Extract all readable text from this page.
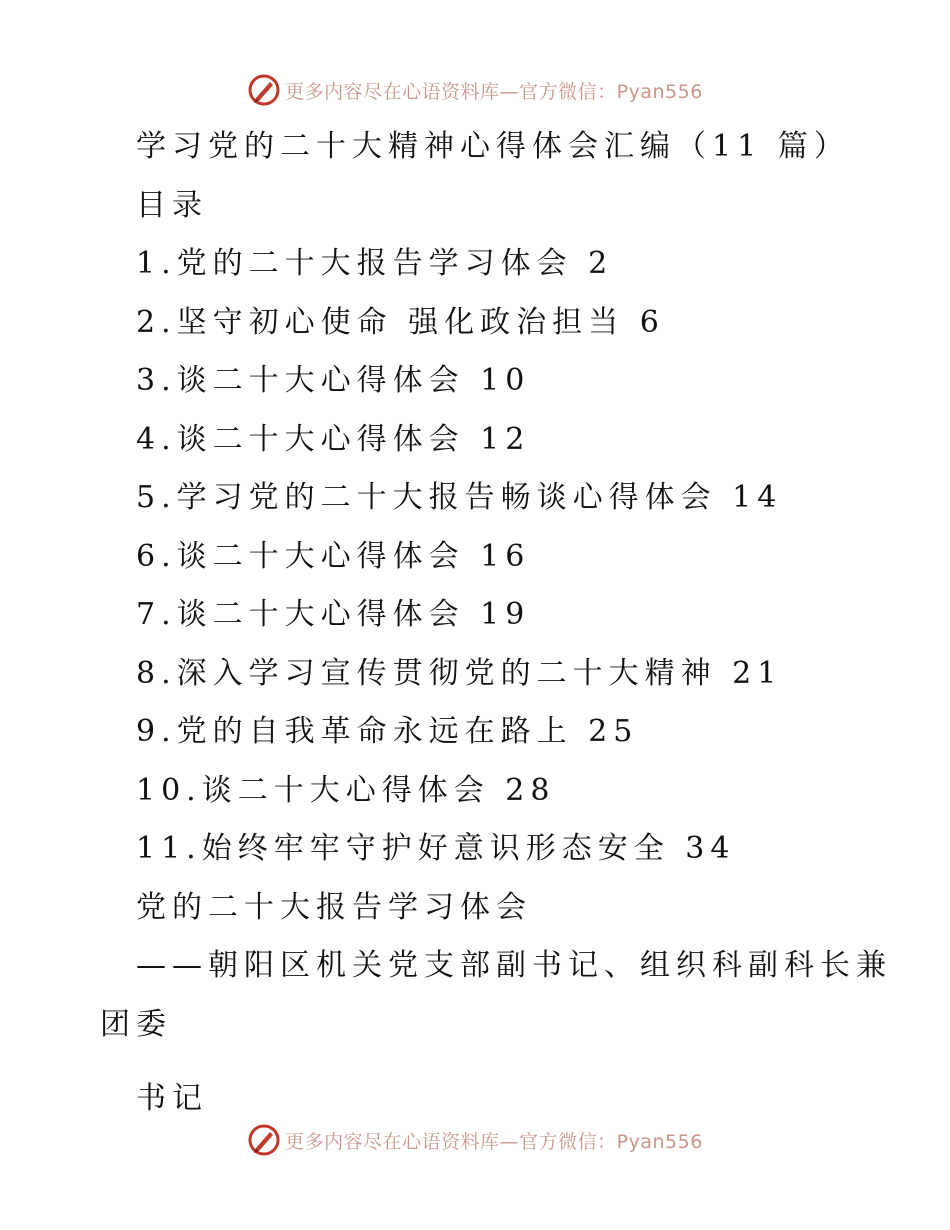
更多内容尽在心语资料库—官方微信：Pyan556
学习党的二十大精神心得体会汇编（11 篇）
目录
1.党的二十大报告学习体会 2
2.坚守初心使命 强化政治担当 6
3.谈二十大心得体会 10
4.谈二十大心得体会 12
5.学习党的二十大报告畅谈心得体会 14
6.谈二十大心得体会 16
7.谈二十大心得体会 19
8.深入学习宣传贯彻党的二十大精神 21
9.党的自我革命永远在路上 25
10.谈二十大心得体会 28
11.始终牢牢守护好意识形态安全 34
党的二十大报告学习体会
——朝阳区机关党支部副书记、组织科副科长兼
团委
书记
更多内容尽在心语资料库—官方微信：Pyan556
